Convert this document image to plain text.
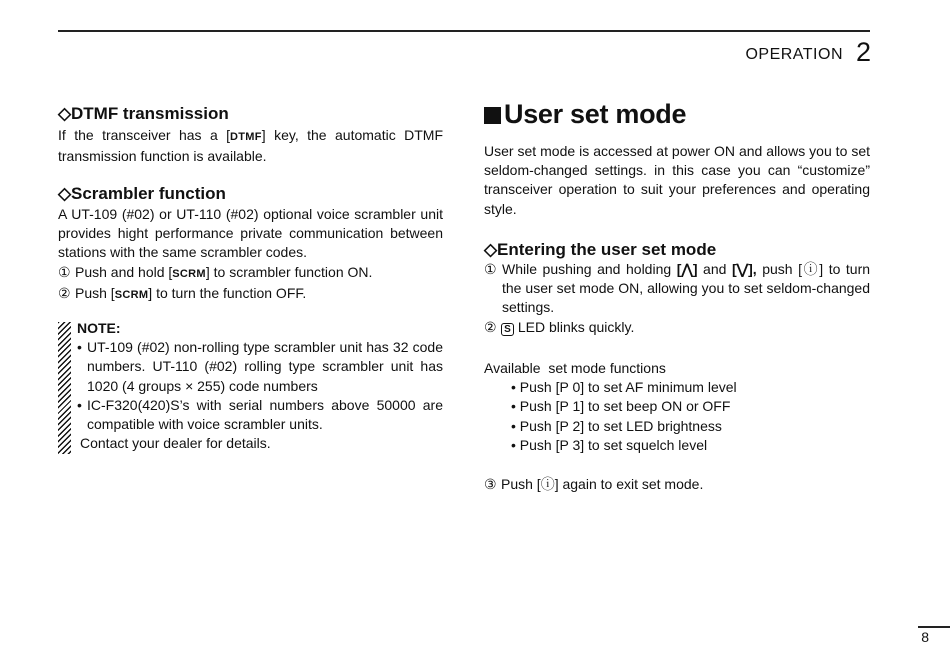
OPERATION 2
◇DTMF transmission
If the transceiver has a [DTMF] key, the automatic DTMF transmission function is available.
◇Scrambler function
A UT-109 (#02) or UT-110 (#02) optional voice scrambler unit provides hight performance private communication between stations with the same scrambler codes.
① Push and hold [SCRM] to scrambler function ON.
② Push [SCRM] to turn the function OFF.
NOTE:
• UT-109 (#02) non-rolling type scrambler unit has 32 code numbers. UT-110 (#02) rolling type scrambler unit has 1020 (4 groups × 255) code numbers
• IC-F320(420)S’s with serial numbers above 50000 are compatible with voice scrambler units.
Contact your dealer for details.
User set mode
User set mode is accessed at power ON and allows you to set seldom-changed settings. in this case you can “customize” transceiver operation to suit your preferences and operating style.
◇Entering the user set mode
① While pushing and holding [⋀] and [⋁], push [ⓘ] to turn the user set mode ON, allowing you to set seldom-changed settings.
② S LED blinks quickly.
Available  set mode functions
• Push [P 0] to set AF minimum level
• Push [P 1] to set beep ON or OFF
• Push [P 2] to set LED brightness
• Push [P 3] to set squelch level
③ Push [ⓘ] again to exit set mode.
8
